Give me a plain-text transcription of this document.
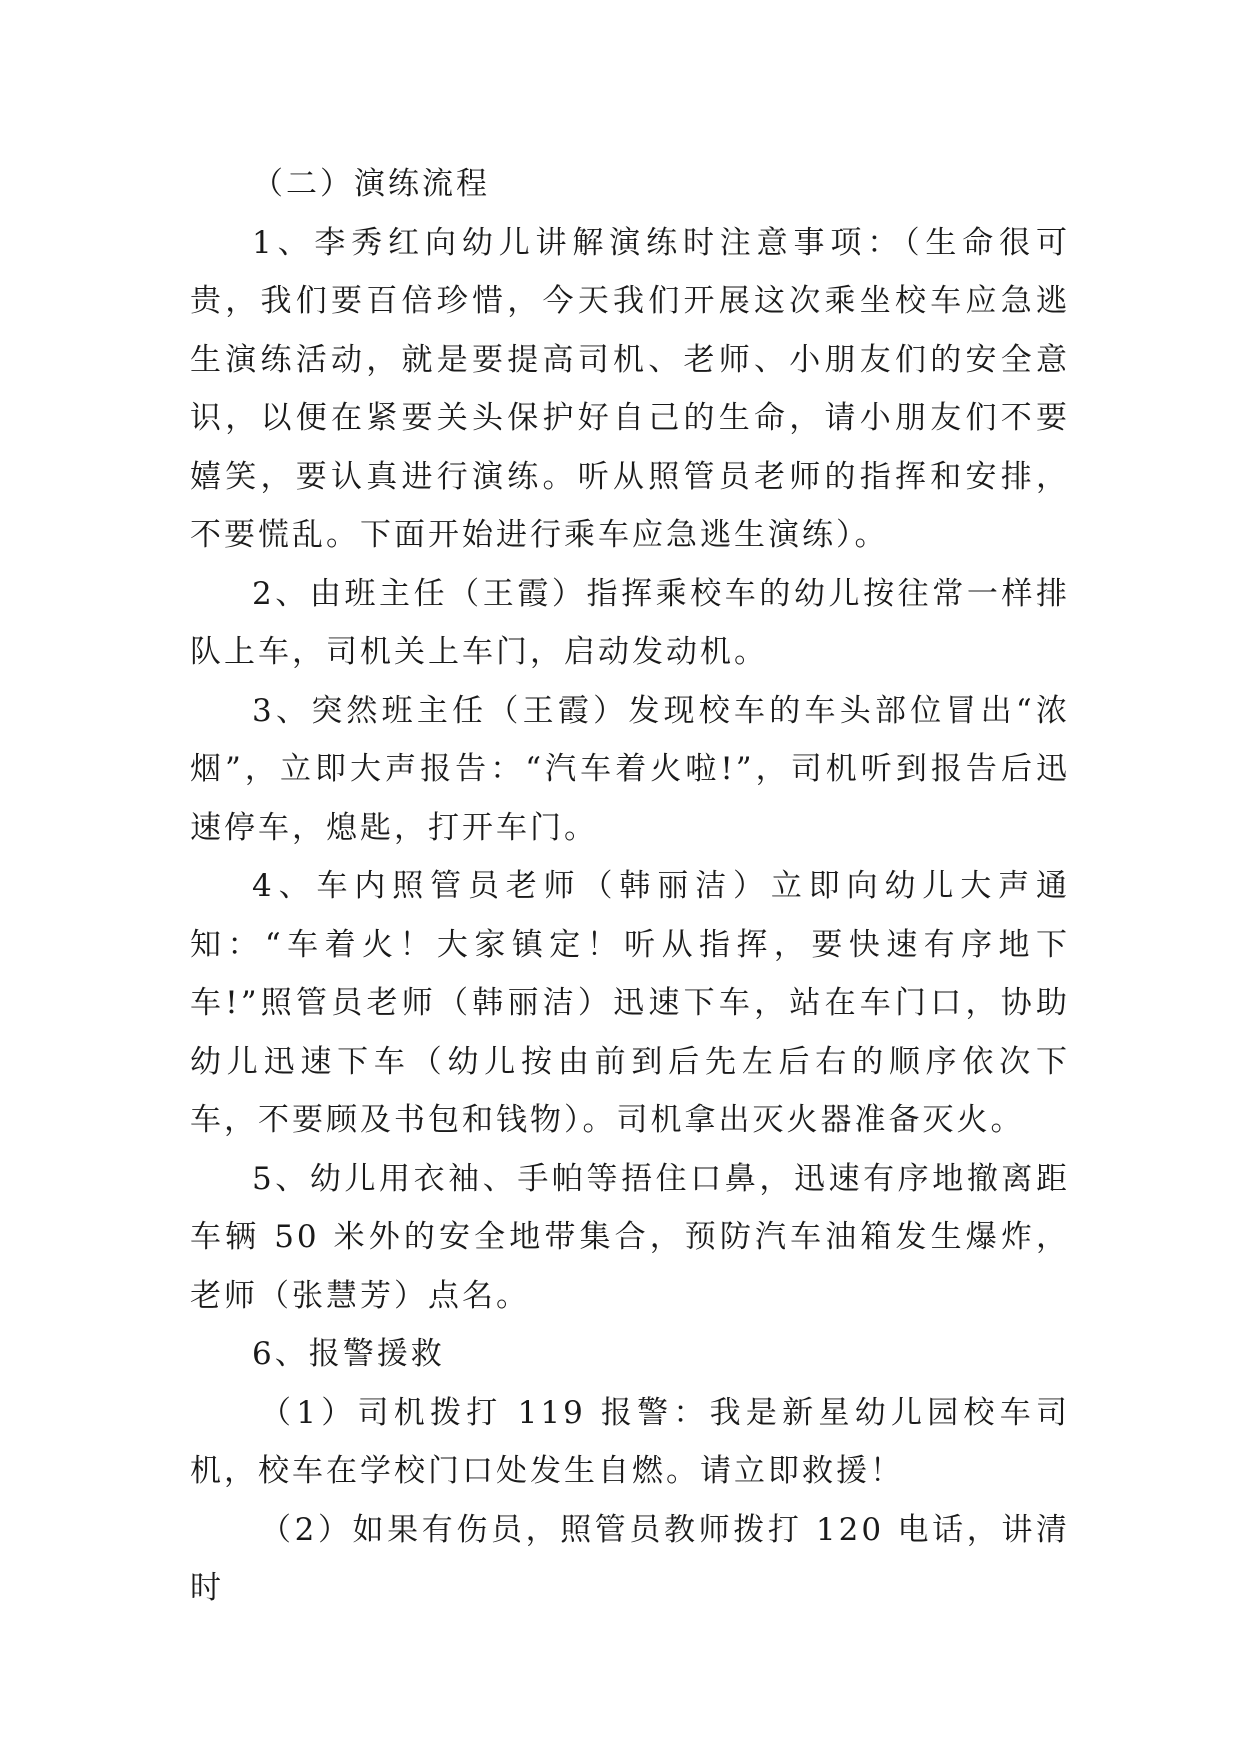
（二）演练流程

1、李秀红向幼儿讲解演练时注意事项：（生命很可贵，我们要百倍珍惜，今天我们开展这次乘坐校车应急逃生演练活动，就是要提高司机、老师、小朋友们的安全意识，以便在紧要关头保护好自己的生命，请小朋友们不要嬉笑，要认真进行演练。听从照管员老师的指挥和安排，不要慌乱。下面开始进行乘车应急逃生演练）。

2、由班主任（王霞）指挥乘校车的幼儿按往常一样排队上车，司机关上车门，启动发动机。

3、突然班主任（王霞）发现校车的车头部位冒出“浓烟”，立即大声报告：“汽车着火啦!”，司机听到报告后迅速停车，熄匙，打开车门。

4、车内照管员老师（韩丽洁）立即向幼儿大声通知：“车着火！大家镇定！听从指挥，要快速有序地下车!”照管员老师（韩丽洁）迅速下车，站在车门口，协助幼儿迅速下车（幼儿按由前到后先左后右的顺序依次下车，不要顾及书包和钱物）。司机拿出灭火器准备灭火。

5、幼儿用衣袖、手帕等捂住口鼻，迅速有序地撤离距车辆 50 米外的安全地带集合，预防汽车油箱发生爆炸，老师（张慧芳）点名。

6、报警援救

（1）司机拨打 119 报警：我是新星幼儿园校车司机，校车在学校门口处发生自燃。请立即救援！

（2）如果有伤员，照管员教师拨打 120 电话，讲清时
